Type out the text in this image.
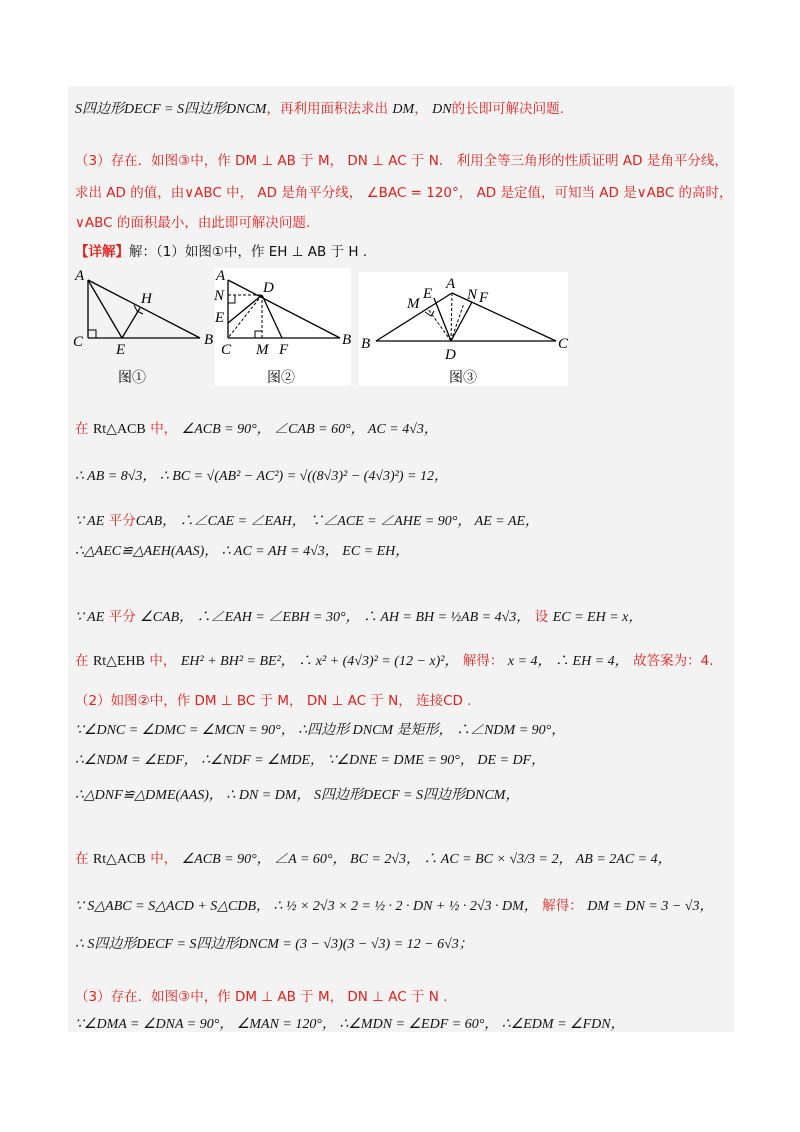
S四边形DECF = S四边形DNCM，再利用面积法求出 DM， DN的长即可解决问题.
（3）存在．如图③中，作 DM ⊥ AB 于 M， DN ⊥ AC 于 N． 利用全等三角形的性质证明 AD 是角平分线，
求出 AD 的值，由∨ABC 中， AD 是角平分线， ∠BAC = 120°， AD 是定值，可知当 AD 是∨ABC 的高时，
∨ABC 的面积最小，由此即可解决问题.
【详解】解：（1）如图①中，作 EH ⊥ AB 于 H .
A
H
C E
B
图①
A
N	D
E
C M F
B
图②
A
M
E N F
B
D
C
图③
在 Rt△ACB 中， ∠ACB = 90°， ∠CAB = 60°， AC = 4√3，
∴ AB = 8√3， ∴ BC = √(AB² − AC²) = √((8√3)² − (4√3)²) = 12，
∵ AE 平分CAB， ∴∠CAE = ∠EAH， ∵∠ACE = ∠AHE = 90°， AE = AE，
∴△AEC≌△AEH(AAS)， ∴ AC = AH = 4√3， EC = EH，
∵ AE 平分 ∠CAB， ∴∠EAH = ∠EBH = 30°， ∴ AH = BH = ½AB = 4√3， 设 EC = EH = x，
在 Rt△EHB 中， EH² + BH² = BE²， ∴ x² + (4√3)² = (12 − x)²， 解得： x = 4， ∴ EH = 4， 故答案为：4.
（2）如图②中，作 DM ⊥ BC 于 M， DN ⊥ AC 于 N， 连接CD .
∵∠DNC = ∠DMC = ∠MCN = 90°， ∴四边形 DNCM 是矩形， ∴∠NDM = 90°，
∴∠NDM = ∠EDF， ∴∠NDF = ∠MDE， ∵∠DNE = DME = 90°， DE = DF，
∴△DNF≌△DME(AAS)， ∴ DN = DM， S四边形DECF = S四边形DNCM，
在 Rt△ACB 中， ∠ACB = 90°， ∠A = 60°， BC = 2√3， ∴ AC = BC × √3/3 = 2， AB = 2AC = 4，
∵ S△ABC = S△ACD + S△CDB， ∴ ½ × 2√3 × 2 = ½ · 2 · DN + ½ · 2√3 · DM， 解得： DM = DN = 3 − √3，
∴ S四边形DECF = S四边形DNCM = (3 − √3)(3 − √3) = 12 − 6√3；
（3）存在．如图③中，作 DM ⊥ AB 于 M， DN ⊥ AC 于 N .
∵∠DMA = ∠DNA = 90°， ∠MAN = 120°， ∴∠MDN = ∠EDF = 60°， ∴∠EDM = ∠FDN，
